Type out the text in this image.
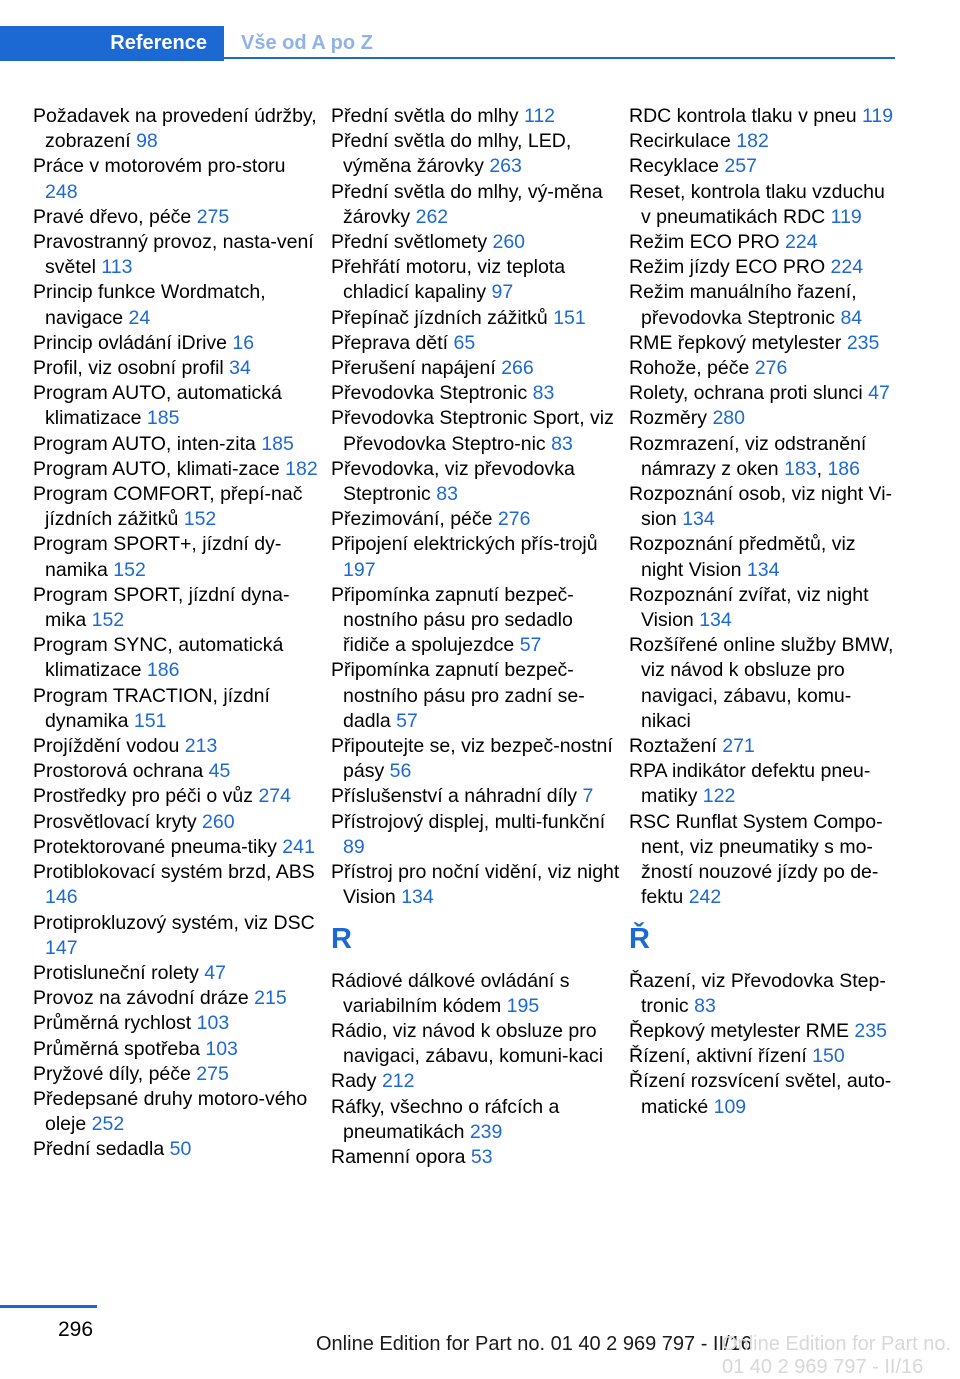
Reference	Vše od A po Z
Požadavek na provedení údržby, zobrazení 98
Práce v motorovém pro‐storu 248
Pravé dřevo, péče 275
Pravostranný provoz, nasta‐vení světel 113
Princip funkce Wordmatch, navigace 24
Princip ovládání iDrive 16
Profil, viz osobní profil 34
Program AUTO, automatická klimatizace 185
Program AUTO, inten‐zita 185
Program AUTO, klimati‐zace 182
Program COMFORT, přepí‐nač jízdních zážitků 152
Program SPORT+, jízdní dy‐namika 152
Program SPORT, jízdní dyna‐mika 152
Program SYNC, automatická klimatizace 186
Program TRACTION, jízdní dynamika 151
Projíždění vodou 213
Prostorová ochrana 45
Prostředky pro péči o vůz 274
Prosvětlovací kryty 260
Protektorované pneuma‐tiky 241
Protiblokovací systém brzd, ABS 146
Protiprokluzový systém, viz DSC 147
Protisluneční rolety 47
Provoz na závodní dráze 215
Průměrná rychlost 103
Průměrná spotřeba 103
Pryžové díly, péče 275
Předepsané druhy motoro‐vého oleje 252
Přední sedadla 50
Přední světla do mlhy 112
Přední světla do mlhy, LED, výměna žárovky 263
Přední světla do mlhy, vý‐měna žárovky 262
Přední světlomety 260
Přehřátí motoru, viz teplota chladicí kapaliny 97
Přepínač jízdních zážitků 151
Přeprava dětí 65
Přerušení napájení 266
Převodovka Steptronic 83
Převodovka Steptronic Sport, viz Převodovka Steptro‐nic 83
Převodovka, viz převodovka Steptronic 83
Přezimování, péče 276
Připojení elektrických přís‐trojů 197
Připomínka zapnutí bezpeč‐nostního pásu pro sedadlo řidiče a spolujezdce 57
Připomínka zapnutí bezpeč‐nostního pásu pro zadní se‐dadla 57
Připoutejte se, viz bezpeč‐nostní pásy 56
Příslušenství a náhradní díly 7
Přístrojový displej, multi‐funkční 89
Přístroj pro noční vidění, viz night Vision 134
R
Rádiové dálkové ovládání s variabilním kódem 195
Rádio, viz návod k obsluze pro navigaci, zábavu, komuni‐kaci
Rady 212
Ráfky, všechno o ráfcích a pneumatikách 239
Ramenní opora 53
RDC kontrola tlaku v pneu 119
Recirkulace 182
Recyklace 257
Reset, kontrola tlaku vzduchu v pneumatikách RDC 119
Režim ECO PRO 224
Režim jízdy ECO PRO 224
Režim manuálního řazení, převodovka Steptronic 84
RME řepkový metylester 235
Rohože, péče 276
Rolety, ochrana proti slunci 47
Rozměry 280
Rozmrazení, viz odstranění námrazy z oken 183, 186
Rozpoznání osob, viz night Vi‐sion 134
Rozpoznání předmětů, viz night Vision 134
Rozpoznání zvířat, viz night Vision 134
Rozšířené online služby BMW, viz návod k obsluze pro navigaci, zábavu, komu‐nikaci
Roztažení 271
RPA indikátor defektu pneu‐matiky 122
RSC Runflat System Compo‐nent, viz pneumatiky s mo‐žností nouzové jízdy po de‐fektu 242
Ř
Řazení, viz Převodovka Step‐tronic 83
Řepkový metylester RME 235
Řízení, aktivní řízení 150
Řízení rozsvícení světel, auto‐matické 109
296
Online Edition for Part no. 01 40 2 969 797 - II/16
Online Edition for Part no. 01 40 2 969 797 - II/16
